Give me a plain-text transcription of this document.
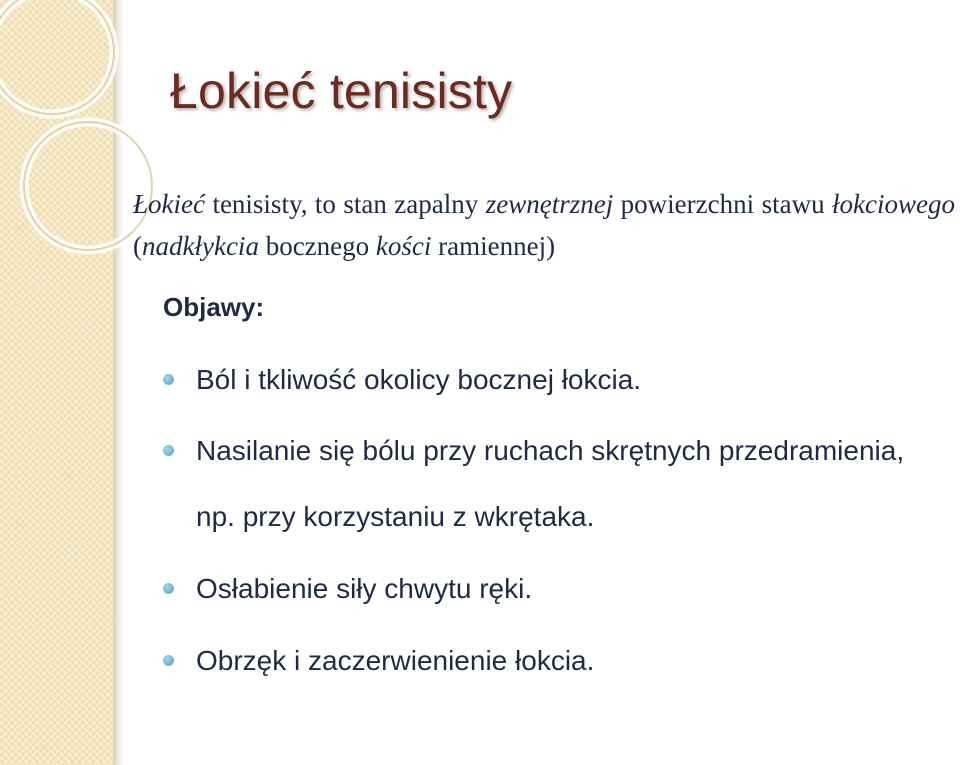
Łokieć tenisisty

Łokieć tenisisty, to stan zapalny zewnętrznej powierzchni stawu łokciowego (nadkłykcia bocznego kości ramiennej)

Objawy:
Ból i tkliwość okolicy bocznej łokcia.
Nasilanie się bólu przy ruchach skrętnych przedramienia, np. przy korzystaniu z wkrętaka.
Osłabienie siły chwytu ręki.
Obrzęk i zaczerwienienie łokcia.
